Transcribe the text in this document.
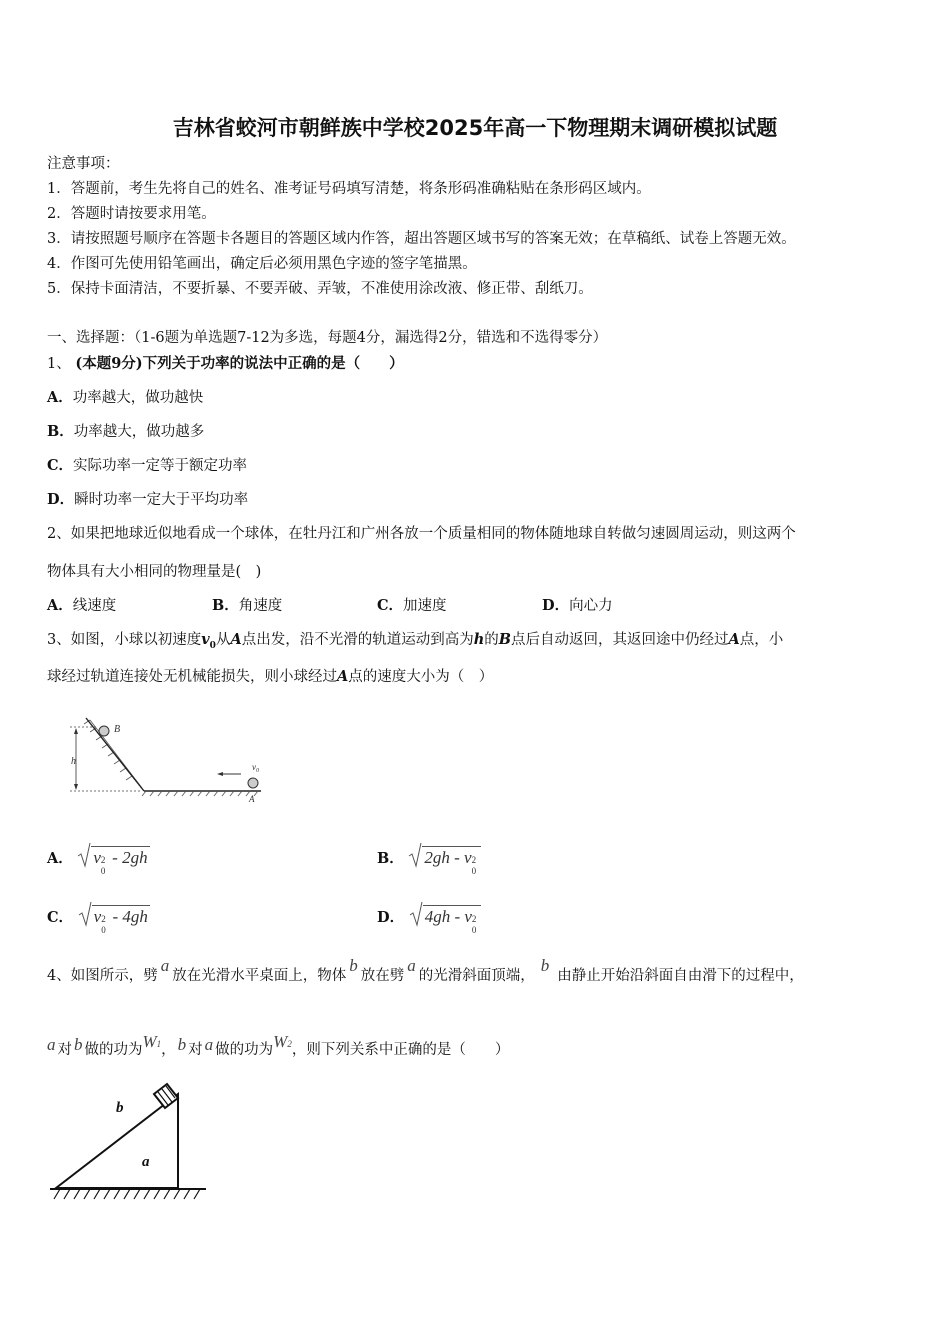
吉林省蛟河市朝鲜族中学校2025年高一下物理期末调研模拟试题
注意事项：
1．答题前，考生先将自己的姓名、准考证号码填写清楚，将条形码准确粘贴在条形码区域内。
2．答题时请按要求用笔。
3．请按照题号顺序在答题卡各题目的答题区域内作答，超出答题区域书写的答案无效；在草稿纸、试卷上答题无效。
4．作图可先使用铅笔画出，确定后必须用黑色字迹的签字笔描黑。
5．保持卡面清洁，不要折暴、不要弄破、弄皱，不准使用涂改液、修正带、刮纸刀。
一、选择题：（1-6题为单选题7-12为多选，每题4分，漏选得2分，错选和不选得零分）
1、 (本题9分)下列关于功率的说法中正确的是（　　）
A．功率越大，做功越快
B．功率越大，做功越多
C．实际功率一定等于额定功率
D．瞬时功率一定大于平均功率
2、如果把地球近似地看成一个球体，在牡丹江和广州各放一个质量相同的物体随地球自转做匀速圆周运动，则这两个
物体具有大小相同的物理量是(　)
A．线速度	B．角速度	C．加速度	D．向心力
3、如图，小球以初速度$v_0$从A点出发，沿不光滑的轨道运动到高为h的B点后自动返回，其返回途中仍经过A点，小
球经过轨道连接处无机械能损失，则小球经过A点的速度大小为（　）
B
h
A
$v_0$
A． v 2
0
- 2gh	B． 2gh - v 2
0
C． v 2
0
- 4gh	D． 4gh - v 2
0
4、如图所示，劈a放在光滑水平桌面上，物体b放在劈a的光滑斜面顶端，b由静止开始沿斜面自由滑下的过程中，
a 对 b 做的功为W1， b 对 a 做的功为W2，则下列关系中正确的是（　　）
b
a
